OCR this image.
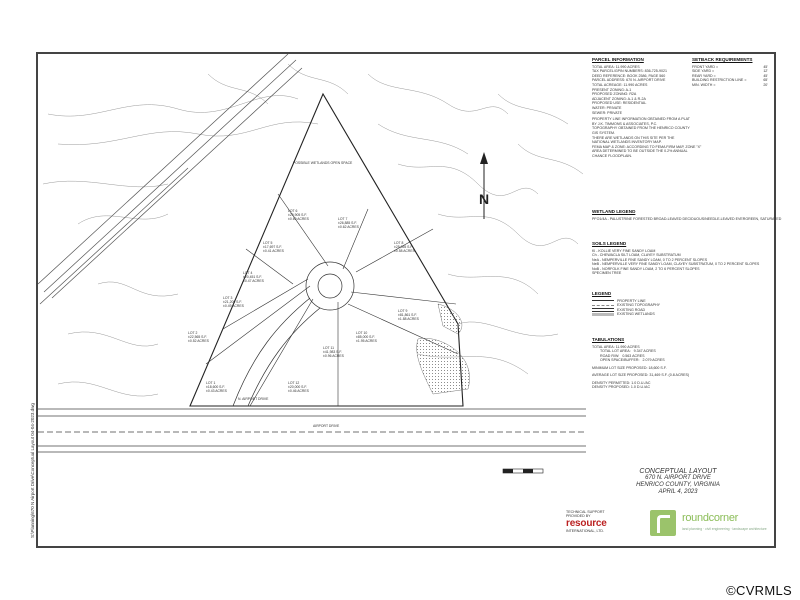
S:\Planning\670 N Airport Drive\Conceptual Layout 04-04-2023.dwg
LOT 1
±18,600 S.F.
±0.43 ACRES
LOT 2
±22,565 S.F.
±0.52 ACRES
LOT 3
±21,200 S.F.
±0.49 ACRES
LOT 4
±20,451 S.F.
±0.47 ACRES
LOT 5
±17,697 S.F.
±0.41 ACRES
LOT 6
±29,905 S.F.
±0.69 ACRES	LOT 7
±26,885 S.F.
±0.62 ACRES
LOT 8
±25,055 S.F.
±0.58 ACRES
LOT 9
±81,861 S.F.
±1.88 ACRES
LOT 10
±85,000 S.F.
±1.95 ACRES
LOT 11
±41,983 S.F.
±0.96 ACRES
LOT 12
±20,000 S.F.
±0.46 ACRES
POSSIBLE WETLANDS OPEN SPACE
AIRPORT DRIVE
N. AIRPORT DRIVE
N
PARCEL INFORMATION
TOTAL AREA: 11.990 ACRES
TAX PARCEL/GPIN NUMBERS: 836-725-9021
DEED REFERENCE: BOOK 2586, PAGE 560
PARCEL ADDRESS: 670 N. AIRPORT DRIVE
TOTAL ACREAGE: 11.990 ACRES
PRESENT ZONING: A-1
PROPOSED ZONING: R2A
ADJACENT ZONING: A-1 & R-2A
PROPOSED USE: RESIDENTIAL
WATER: PRIVATE
SEWER: PRIVATE
PROPERTY LINE INFORMATION OBTAINED FROM A PLAT BY J.K. TIMMONS & ASSOCIATES, P.C.
TOPOGRAPHY OBTAINED FROM THE HENRICO COUNTY GIS SYSTEM.
THERE ARE WETLANDS ON THIS SITE PER THE NATIONAL WETLANDS INVENTORY MAP.
FEMA MAP & ZONE: ACCORDING TO FEMA FIRM MAP, ZONE "X" AREA DETERMINED TO BE OUTSIDE THE 0.2% ANNUAL CHANCE FLOODPLAIN.
SETBACK REQUIREMENTS
FRONT YARD =	45'
SIDE YARD =	12'
REAR YARD =	45'
BUILDING RESTRICTION LINE =	65'
MIN. WIDTH =	20'
WETLAND LEGEND
PFO1/4A - PALUSTRINE FORESTED BROAD-LEAVED DECIDUOUS/NEEDLE-LEAVED EVERGREEN, SATURATED
SOILS LEGEND
Kl - KOLLIE VERY FINE SANDY LOAM
Ch - CHEWACLA SILT LOAM, CLAYEY SUBSTRATUM
NeA - NEMPERVILLE FINE SANDY LOAM, 0 TO 2 PERCENT SLOPES
NeB - NEMPERVILLE VERY FINE SANDY LOAM, CLAYEY SUBSTRATUM, 0 TO 2 PERCENT SLOPES
NoB - NORFOLK FINE SANDY LOAM, 2 TO 6 PERCENT SLOPES
SPECIMEN TREE
LEGEND
PROPERTY LINE
EXISTING TOPOGRAPHY
EXISTING ROAD
EXISTING WETLANDS
TABULATIONS
TOTAL AREA: 11.990 ACRES
TOTAL LOT AREA: 9.347 ACRES
ROAD R/W: 0.563 ACRES
OPEN SPACE/BUFFER: 2.079 ACRES
MINIMUM LOT SIZE PROPOSED: 18,600 S.F.
AVERAGE LOT SIZE PROPOSED: 31,469 S.F. (0.8 ACRES)
DENSITY PERMITTED: 1.0 D.U./AC
DENSITY PROPOSED: 1.0 D.U./AC
CONCEPTUAL LAYOUT
670 N. AIRPORT DRIVE
HENRICO COUNTY, VIRGINIA
APRIL 4, 2023
TECHNICAL SUPPORT
PROVIDED BY
resource
INTERNATIONAL, LTD.
roundcorner
land planning · civil engineering · landscape architecture
©CVRMLS
